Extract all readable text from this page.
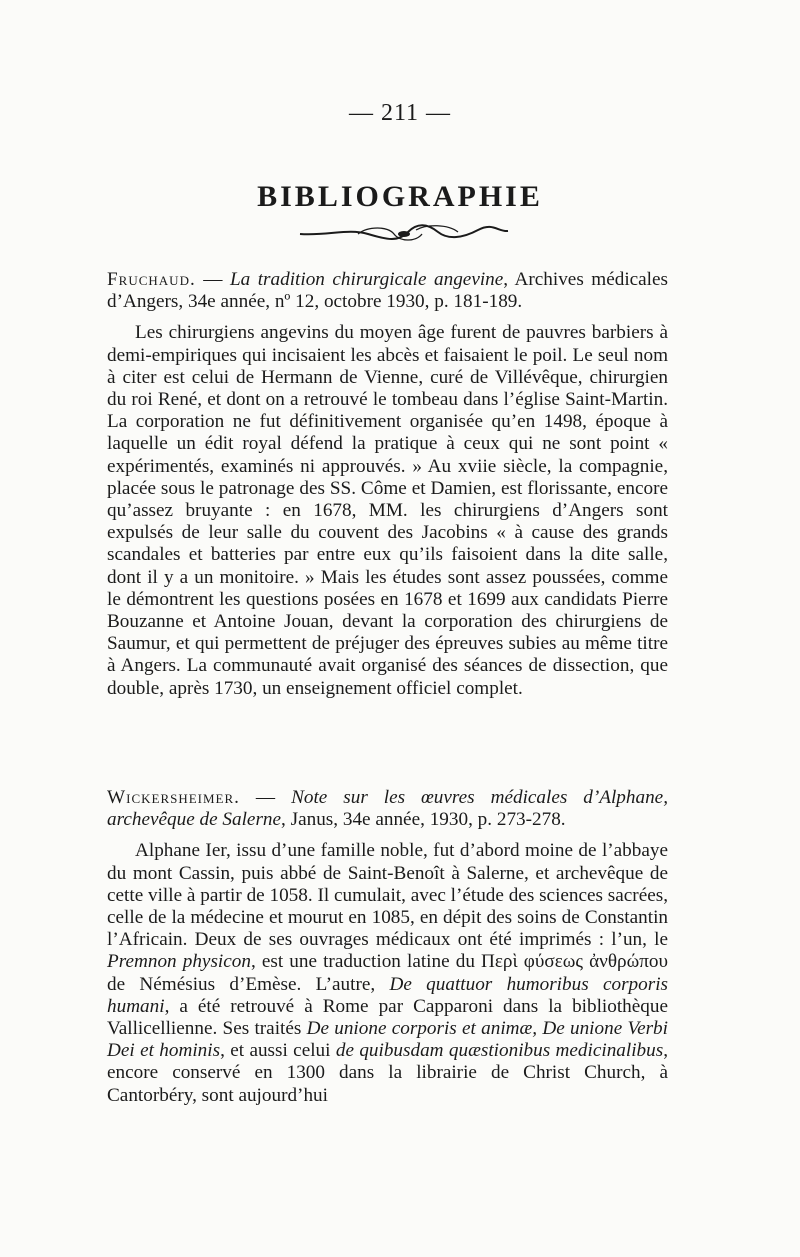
— 211 —
BIBLIOGRAPHIE

Fruchaud. — La tradition chirurgicale angevine, Archives médicales d’Angers, 34e année, nº 12, octobre 1930, p. 181-189.

Les chirurgiens angevins du moyen âge furent de pauvres barbiers à demi-empiriques qui incisaient les abcès et faisaient le poil. Le seul nom à citer est celui de Hermann de Vienne, curé de Villévêque, chirurgien du roi René, et dont on a retrouvé le tombeau dans l’église Saint-Martin. La corporation ne fut définitivement organisée qu’en 1498, époque à laquelle un édit royal défend la pratique à ceux qui ne sont point « expérimentés, examinés ni approuvés. » Au xviie siècle, la compagnie, placée sous le patronage des SS. Côme et Damien, est florissante, encore qu’assez bruyante : en 1678, MM. les chirurgiens d’Angers sont expulsés de leur salle du couvent des Jacobins « à cause des grands scandales et batteries par entre eux qu’ils faisoient dans la dite salle, dont il y a un monitoire. » Mais les études sont assez poussées, comme le démontrent les questions posées en 1678 et 1699 aux candidats Pierre Bouzanne et Antoine Jouan, devant la corporation des chirurgiens de Saumur, et qui permettent de préjuger des épreuves subies au même titre à Angers. La communauté avait organisé des séances de dissection, que double, après 1730, un enseignement officiel complet.

Wickersheimer. — Note sur les œuvres médicales d’Alphane, archevêque de Salerne, Janus, 34e année, 1930, p. 273-278.

Alphane Ier, issu d’une famille noble, fut d’abord moine de l’abbaye du mont Cassin, puis abbé de Saint-Benoît à Salerne, et archevêque de cette ville à partir de 1058. Il cumulait, avec l’étude des sciences sacrées, celle de la médecine et mourut en 1085, en dépit des soins de Constantin l’Africain. Deux de ses ouvrages médicaux ont été imprimés : l’un, le Premnon physicon, est une traduction latine du Περὶ φύσεως ἀνθρώπου de Némésius d’Emèse. L’autre, De quattuor humoribus corporis humani, a été retrouvé à Rome par Capparoni dans la bibliothèque Vallicellienne. Ses traités De unione corporis et animæ, De unione Verbi Dei et hominis, et aussi celui de quibusdam quæstionibus medicinalibus, encore conservé en 1300 dans la librairie de Christ Church, à Cantorbéry, sont aujourd’hui
